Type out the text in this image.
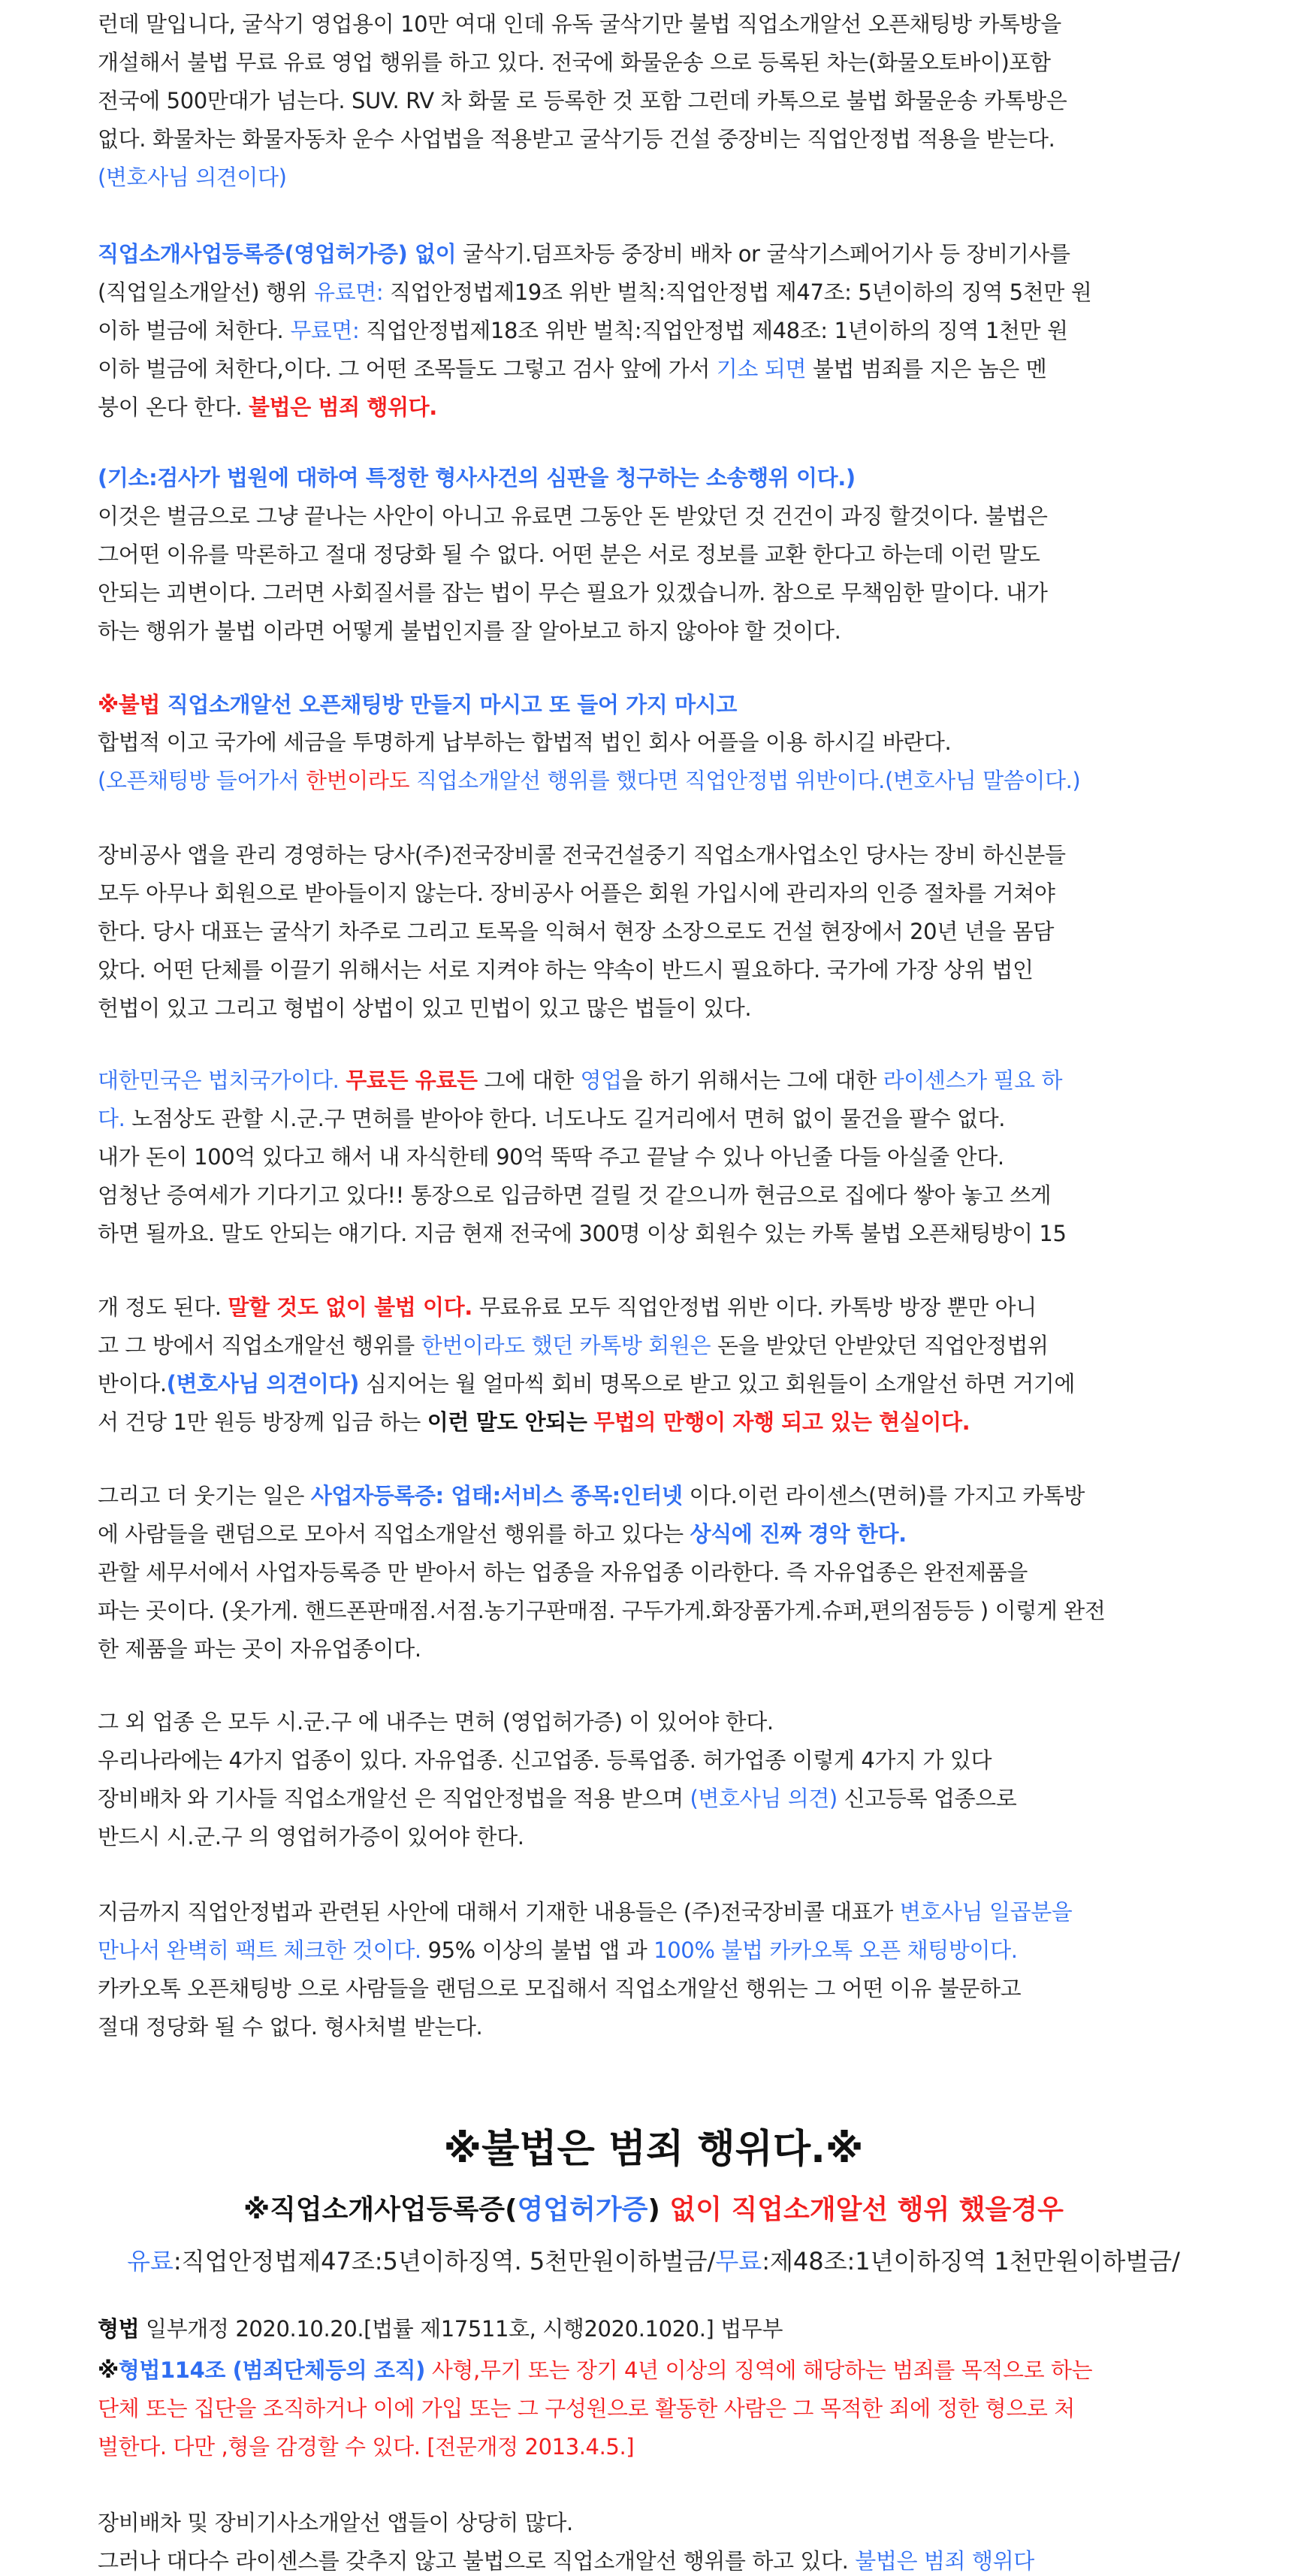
런데 말입니다, 굴삭기 영업용이 10만 여대 인데 유독 굴삭기만 불법 직업소개알선 오픈채팅방 카톡방을

개설해서 불법 무료 유료 영업 행위를 하고 있다. 전국에 화물운송 으로 등록된 차는(화물오토바이)포함

전국에 500만대가 넘는다. SUV. RV 차 화물 로 등록한 것 포함 그런데 카톡으로 불법 화물운송 카톡방은

없다. 화물차는 화물자동차 운수 사업법을 적용받고 굴삭기등 건설 중장비는 직업안정법 적용을 받는다.

(변호사님 의견이다)

직업소개사업등록증(영업허가증) 없이 굴삭기.덤프차등 중장비 배차 or 굴삭기스페어기사 등 장비기사를

(직업일소개알선) 행위 유료면: 직업안정법제19조 위반 벌칙:직업안정법 제47조: 5년이하의 징역 5천만 원

이하 벌금에 처한다. 무료면: 직업안정법제18조 위반 벌칙:직업안정법 제48조: 1년이하의 징역 1천만 원

이하 벌금에 처한다,이다. 그 어떤 조목들도 그렇고 검사 앞에 가서 기소 되면 불법 범죄를 지은 놈은 멘

붕이 온다 한다. 불법은 범죄 행위다.

(기소:검사가 법원에 대하여 특정한 형사사건의 심판을 청구하는 소송행위 이다.)

이것은 벌금으로 그냥 끝나는 사안이 아니고 유료면 그동안 돈 받았던 것 건건이 과징 할것이다. 불법은

그어떤 이유를 막론하고 절대 정당화 될 수 없다. 어떤 분은 서로 정보를 교환 한다고 하는데 이런 말도

안되는 괴변이다. 그러면 사회질서를 잡는 법이 무슨 필요가 있겠습니까. 참으로 무책임한 말이다. 내가

하는 행위가 불법 이라면 어떻게 불법인지를 잘 알아보고 하지 않아야 할 것이다.

※불법 직업소개알선 오픈채팅방 만들지 마시고 또 들어 가지 마시고

합법적 이고 국가에 세금을 투명하게 납부하는 합법적 법인 회사 어플을 이용 하시길 바란다.

(오픈채팅방 들어가서 한번이라도 직업소개알선 행위를 했다면 직업안정법 위반이다.(변호사님 말씀이다.)

장비공사 앱을 관리 경영하는 당사(주)전국장비콜 전국건설중기 직업소개사업소인 당사는 장비 하신분들

모두 아무나 회원으로 받아들이지 않는다. 장비공사 어플은 회원 가입시에 관리자의 인증 절차를 거쳐야

한다. 당사 대표는 굴삭기 차주로 그리고 토목을 익혀서 현장 소장으로도 건설 현장에서 20년 년을 몸담

았다. 어떤 단체를 이끌기 위해서는 서로 지켜야 하는 약속이 반드시 필요하다. 국가에 가장 상위 법인

헌법이 있고 그리고 형법이 상법이 있고 민법이 있고 많은 법들이 있다.

대한민국은 법치국가이다. 무료든 유료든 그에 대한 영업을 하기 위해서는 그에 대한 라이센스가 필요 하

다. 노점상도 관할 시.군.구 면허를 받아야 한다. 너도나도 길거리에서 면허 없이 물건을 팔수 없다.

내가 돈이 100억 있다고 해서 내 자식한테 90억 뚝딱 주고 끝날 수 있나 아닌줄 다들 아실줄 안다.

엄청난 증여세가 기다기고 있다!! 통장으로 입금하면 걸릴 것 같으니까 현금으로 집에다 쌓아 놓고 쓰게

하면 될까요. 말도 안되는 얘기다. 지금 현재 전국에 300명 이상 회원수 있는 카톡 불법 오픈채팅방이 15

개 정도 된다. 말할 것도 없이 불법 이다. 무료유료 모두 직업안정법 위반 이다. 카톡방 방장 뿐만 아니

고 그 방에서 직업소개알선 행위를 한번이라도 했던 카톡방 회원은 돈을 받았던 안받았던 직업안정법위

반이다.(변호사님 의견이다) 심지어는 월 얼마씩 회비 명목으로 받고 있고 회원들이 소개알선 하면 거기에

서 건당 1만 원등 방장께 입금 하는 이런 말도 안되는 무법의 만행이 자행 되고 있는 현실이다.

그리고 더 웃기는 일은 사업자등록증: 업태:서비스 종목:인터넷 이다.이런 라이센스(면허)를 가지고 카톡방

에 사람들을 랜덤으로 모아서 직업소개알선 행위를 하고 있다는 상식에 진짜 경악 한다.

관할 세무서에서 사업자등록증 만 받아서 하는 업종을 자유업종 이라한다. 즉 자유업종은 완전제품을

파는 곳이다. (옷가게. 핸드폰판매점.서점.농기구판매점. 구두가게.화장품가게.슈퍼,편의점등등 ) 이렇게 완전

한 제품을 파는 곳이 자유업종이다.

그 외 업종 은 모두 시.군.구 에 내주는 면허 (영업허가증) 이 있어야 한다.

우리나라에는 4가지 업종이 있다. 자유업종. 신고업종. 등록업종. 허가업종 이렇게 4가지 가 있다

장비배차 와 기사들 직업소개알선 은 직업안정법을 적용 받으며 (변호사님 의견) 신고등록 업종으로

반드시 시.군.구 의 영업허가증이 있어야 한다.

지금까지 직업안정법과 관련된 사안에 대해서 기재한 내용들은 (주)전국장비콜 대표가 변호사님 일곱분을

만나서 완벽히 팩트 체크한 것이다. 95% 이상의 불법 앱 과 100% 불법 카카오톡 오픈 채팅방이다.

카카오톡 오픈채팅방 으로 사람들을 랜덤으로 모집해서 직업소개알선 행위는 그 어떤 이유 불문하고

절대 정당화 될 수 없다. 형사처벌 받는다.

※불법은 범죄 행위다.※
※직업소개사업등록증(영업허가증) 없이 직업소개알선 행위 했을경우
유료:직업안정법제47조:5년이하징역. 5천만원이하벌금/무료:제48조:1년이하징역 1천만원이하벌금/

형법 일부개정 2020.10.20.[법률 제17511호, 시행2020.1020.] 법무부

※형법114조 (범죄단체등의 조직) 사형,무기 또는 장기 4년 이상의 징역에 해당하는 범죄를 목적으로 하는

단체 또는 집단을 조직하거나 이에 가입 또는 그 구성원으로 활동한 사람은 그 목적한 죄에 정한 형으로 처

벌한다. 다만 ,형을 감경할 수 있다. [전문개정 2013.4.5.]

장비배차 및 장비기사소개알선 앱들이 상당히 많다.

그러나 대다수 라이센스를 갖추지 않고 불법으로 직업소개알선 행위를 하고 있다. 불법은 범죄 행위다
